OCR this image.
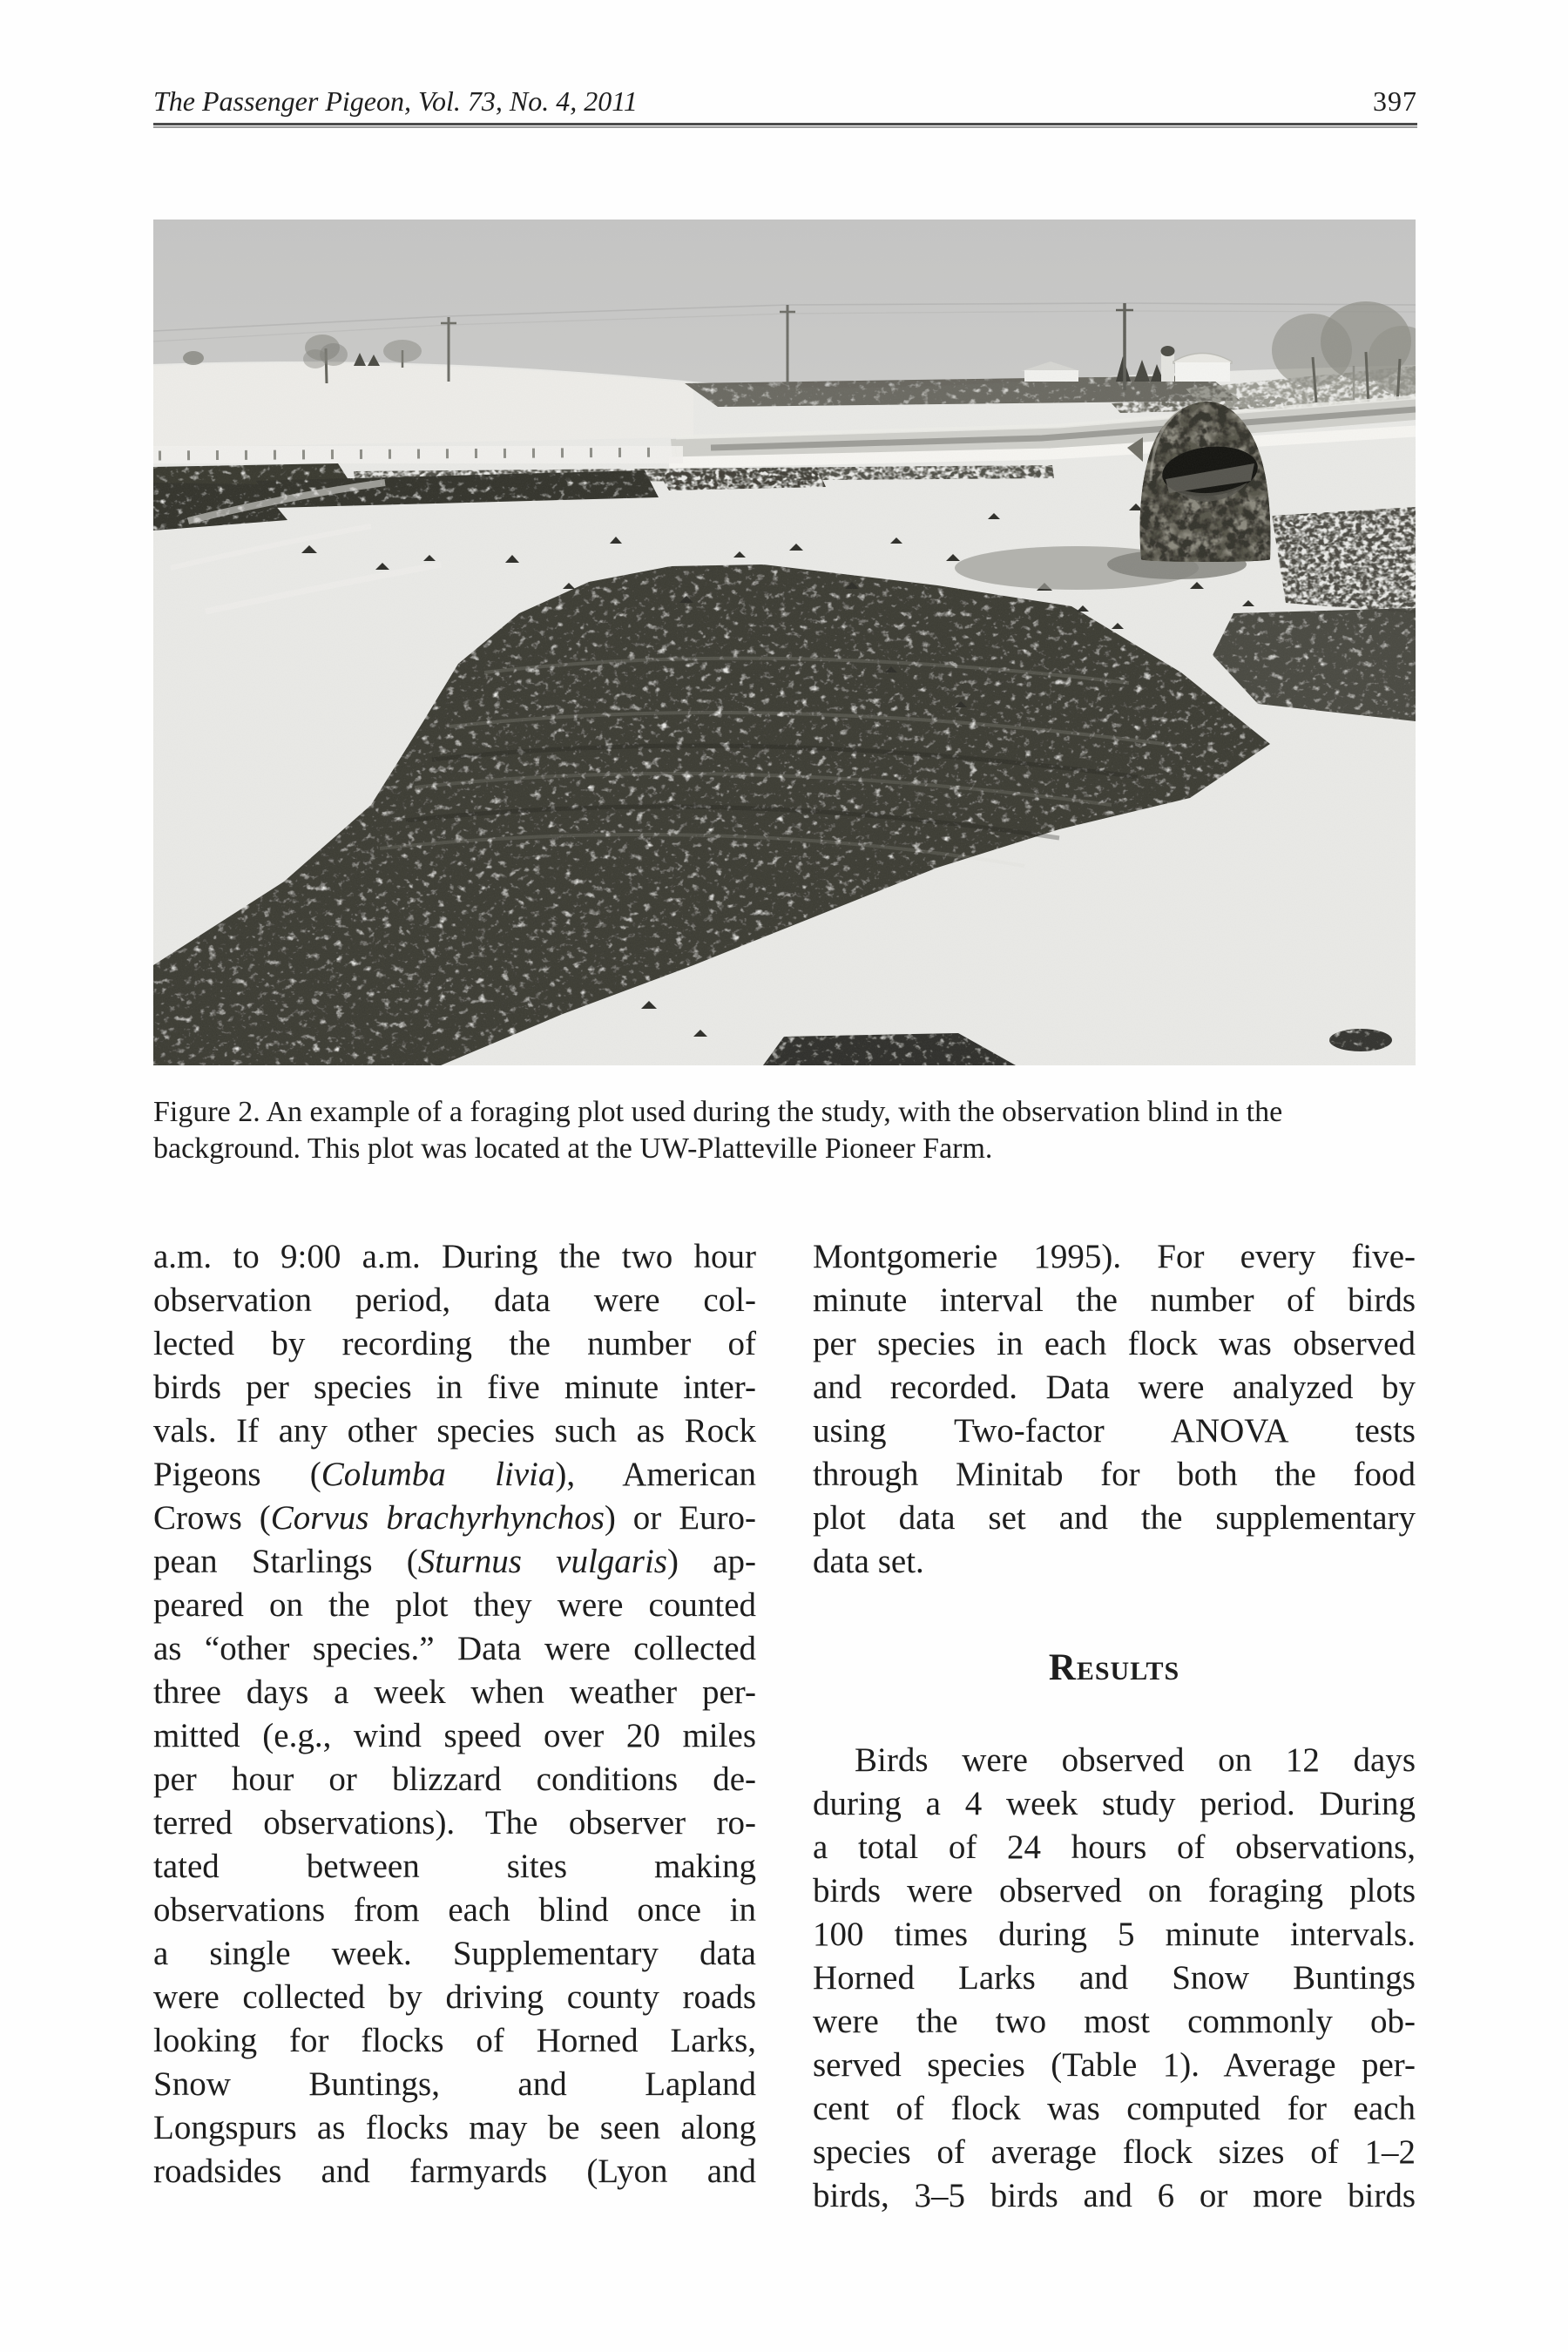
The Passenger Pigeon, Vol. 73, No. 4, 2011	397
Figure 2. An example of a foraging plot used during the study, with the observation blind in the
background. This plot was located at the UW-Platteville Pioneer Farm.
a.m. to 9:00 a.m. During the two hour
observation period, data were col-
lected by recording the number of
birds per species in five minute inter-
vals. If any other species such as Rock
Pigeons (Columba livia), American
Crows (Corvus brachyrhynchos) or Euro-
pean Starlings (Sturnus vulgaris) ap-
peared on the plot they were counted
as “other species.” Data were collected
three days a week when weather per-
mitted (e.g., wind speed over 20 miles
per hour or blizzard conditions de-
terred observations). The observer ro-
tated between sites making
observations from each blind once in
a single week. Supplementary data
were collected by driving county roads
looking for flocks of Horned Larks,
Snow Buntings, and Lapland
Longspurs as flocks may be seen along
roadsides and farmyards (Lyon and
Montgomerie 1995). For every five-
minute interval the number of birds
per species in each flock was observed
and recorded. Data were analyzed by
using Two-factor ANOVA tests
through Minitab for both the food
plot data set and the supplementary
data set.
Results
Birds were observed on 12 days
during a 4 week study period. During
a total of 24 hours of observations,
birds were observed on foraging plots
100 times during 5 minute intervals.
Horned Larks and Snow Buntings
were the two most commonly ob-
served species (Table 1). Average per-
cent of flock was computed for each
species of average flock sizes of 1–2
birds, 3–5 birds and 6 or more birds
